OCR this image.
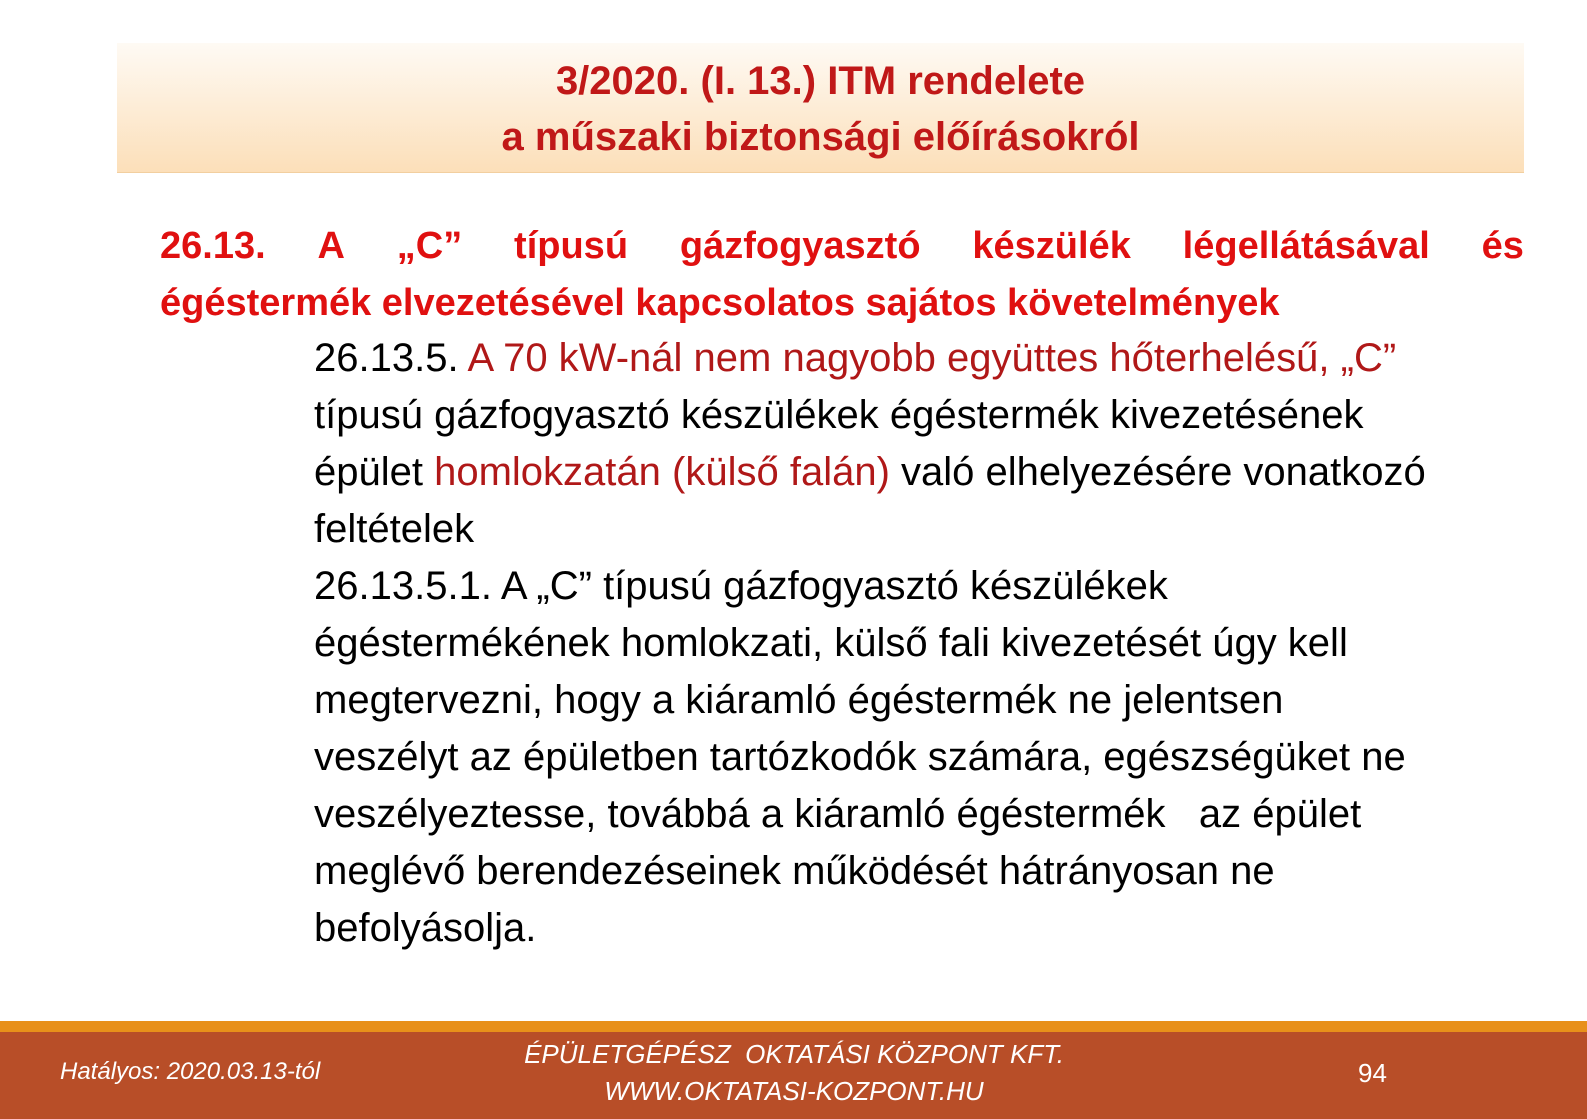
3/2020. (I. 13.) ITM rendelete
a műszaki biztonsági előírásokról
26.13. A „C” típusú gázfogyasztó készülék légellátásával és
égéstermék elvezetésével kapcsolatos sajátos követelmények
26.13.5. A 70 kW-nál nem nagyobb együttes hőterhelésű, „C”
típusú gázfogyasztó készülékek égéstermék kivezetésének
épület homlokzatán (külső falán) való elhelyezésére vonatkozó
feltételek
26.13.5.1. A „C” típusú gázfogyasztó készülékek
égéstermékének homlokzati, külső fali kivezetését úgy kell
megtervezni, hogy a kiáramló égéstermék ne jelentsen
veszélyt az épületben tartózkodók számára, egészségüket ne
veszélyeztesse, továbbá a kiáramló égéstermék   az épület
meglévő berendezéseinek működését hátrányosan ne
befolyásolja.
Hatályos: 2020.03.13-tól
ÉPÜLETGÉPÉSZ  OKTATÁSI KÖZPONT KFT.
WWW.OKTATASI-KOZPONT.HU
94
